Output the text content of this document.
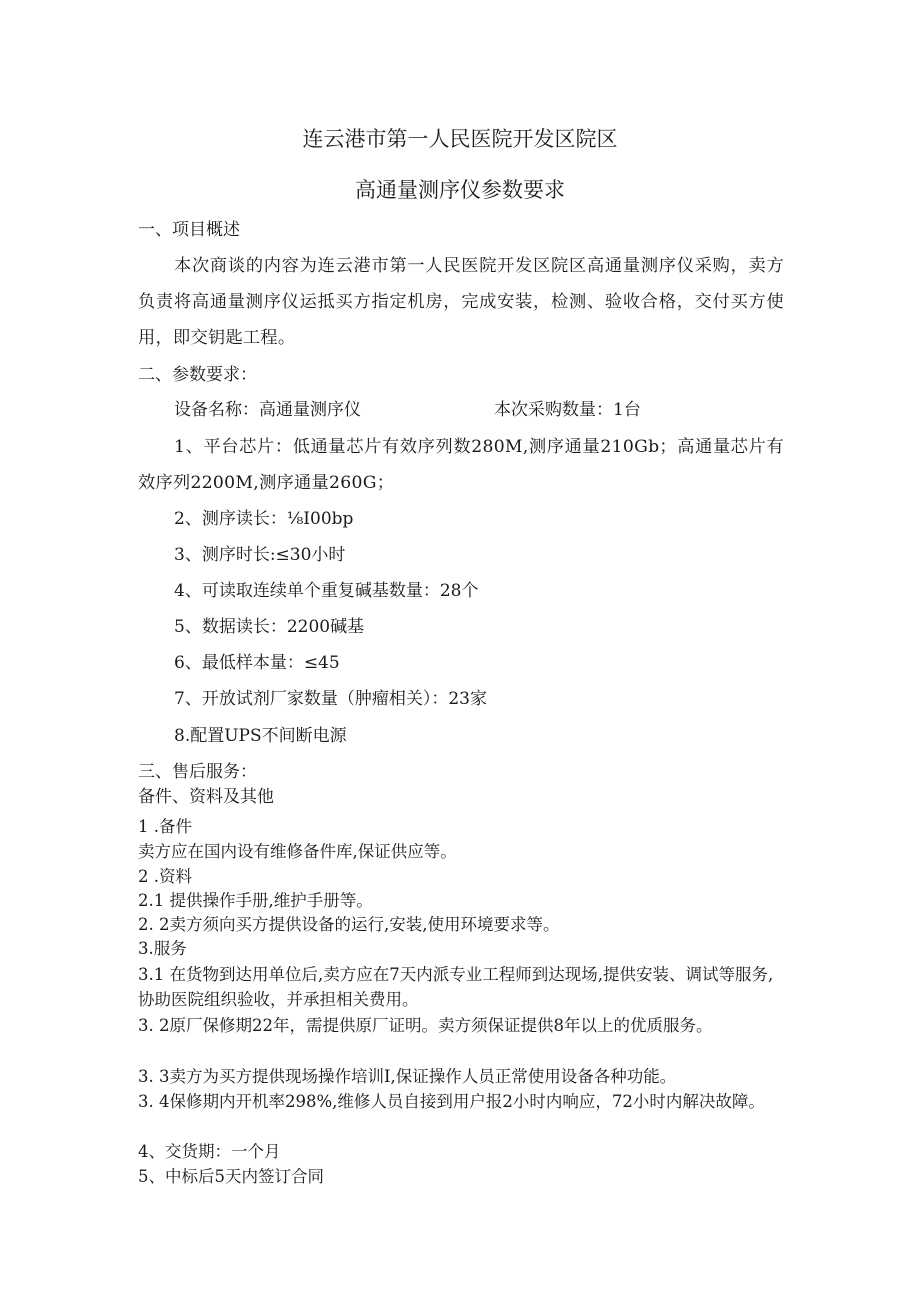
连云港市第一人民医院开发区院区
高通量测序仪参数要求
一、项目概述
本次商谈的内容为连云港市第一人民医院开发区院区高通量测序仪采购，卖方负责将高通量测序仪运抵买方指定机房，完成安装，检测、验收合格，交付买方使用，即交钥匙工程。
二、参数要求：
设备名称：高通量测序仪	本次采购数量：1台
1、平台芯片：低通量芯片有效序列数280M,测序通量210Gb；高通量芯片有效序列2200M,测序通量260G；
2、测序读长：⅛I00bp
3、测序时长:≤30小时
4、可读取连续单个重复碱基数量：28个
5、数据读长：2200碱基
6、最低样本量：≤45
7、开放试剂厂家数量（肿瘤相关）：23家
8.配置UPS不间断电源
三、售后服务：
备件、资料及其他
1 .备件
卖方应在国内设有维修备件库,保证供应等。
2 .资料
2.1 提供操作手册,维护手册等。
2. 2卖方须向买方提供设备的运行,安装,使用环境要求等。
3.服务
3.1 在货物到达用单位后,卖方应在7天内派专业工程师到达现场,提供安装、调试等服务,协助医院组织验收，并承担相关费用。
3. 2原厂保修期22年，需提供原厂证明。卖方须保证提供8年以上的优质服务。
3. 3卖方为买方提供现场操作培训I,保证操作人员正常使用设备各种功能。
3. 4保修期内开机率298%,维修人员自接到用户报2小时内响应，72小时内解决故障。
4、交货期：一个月
5、中标后5天内签订合同
